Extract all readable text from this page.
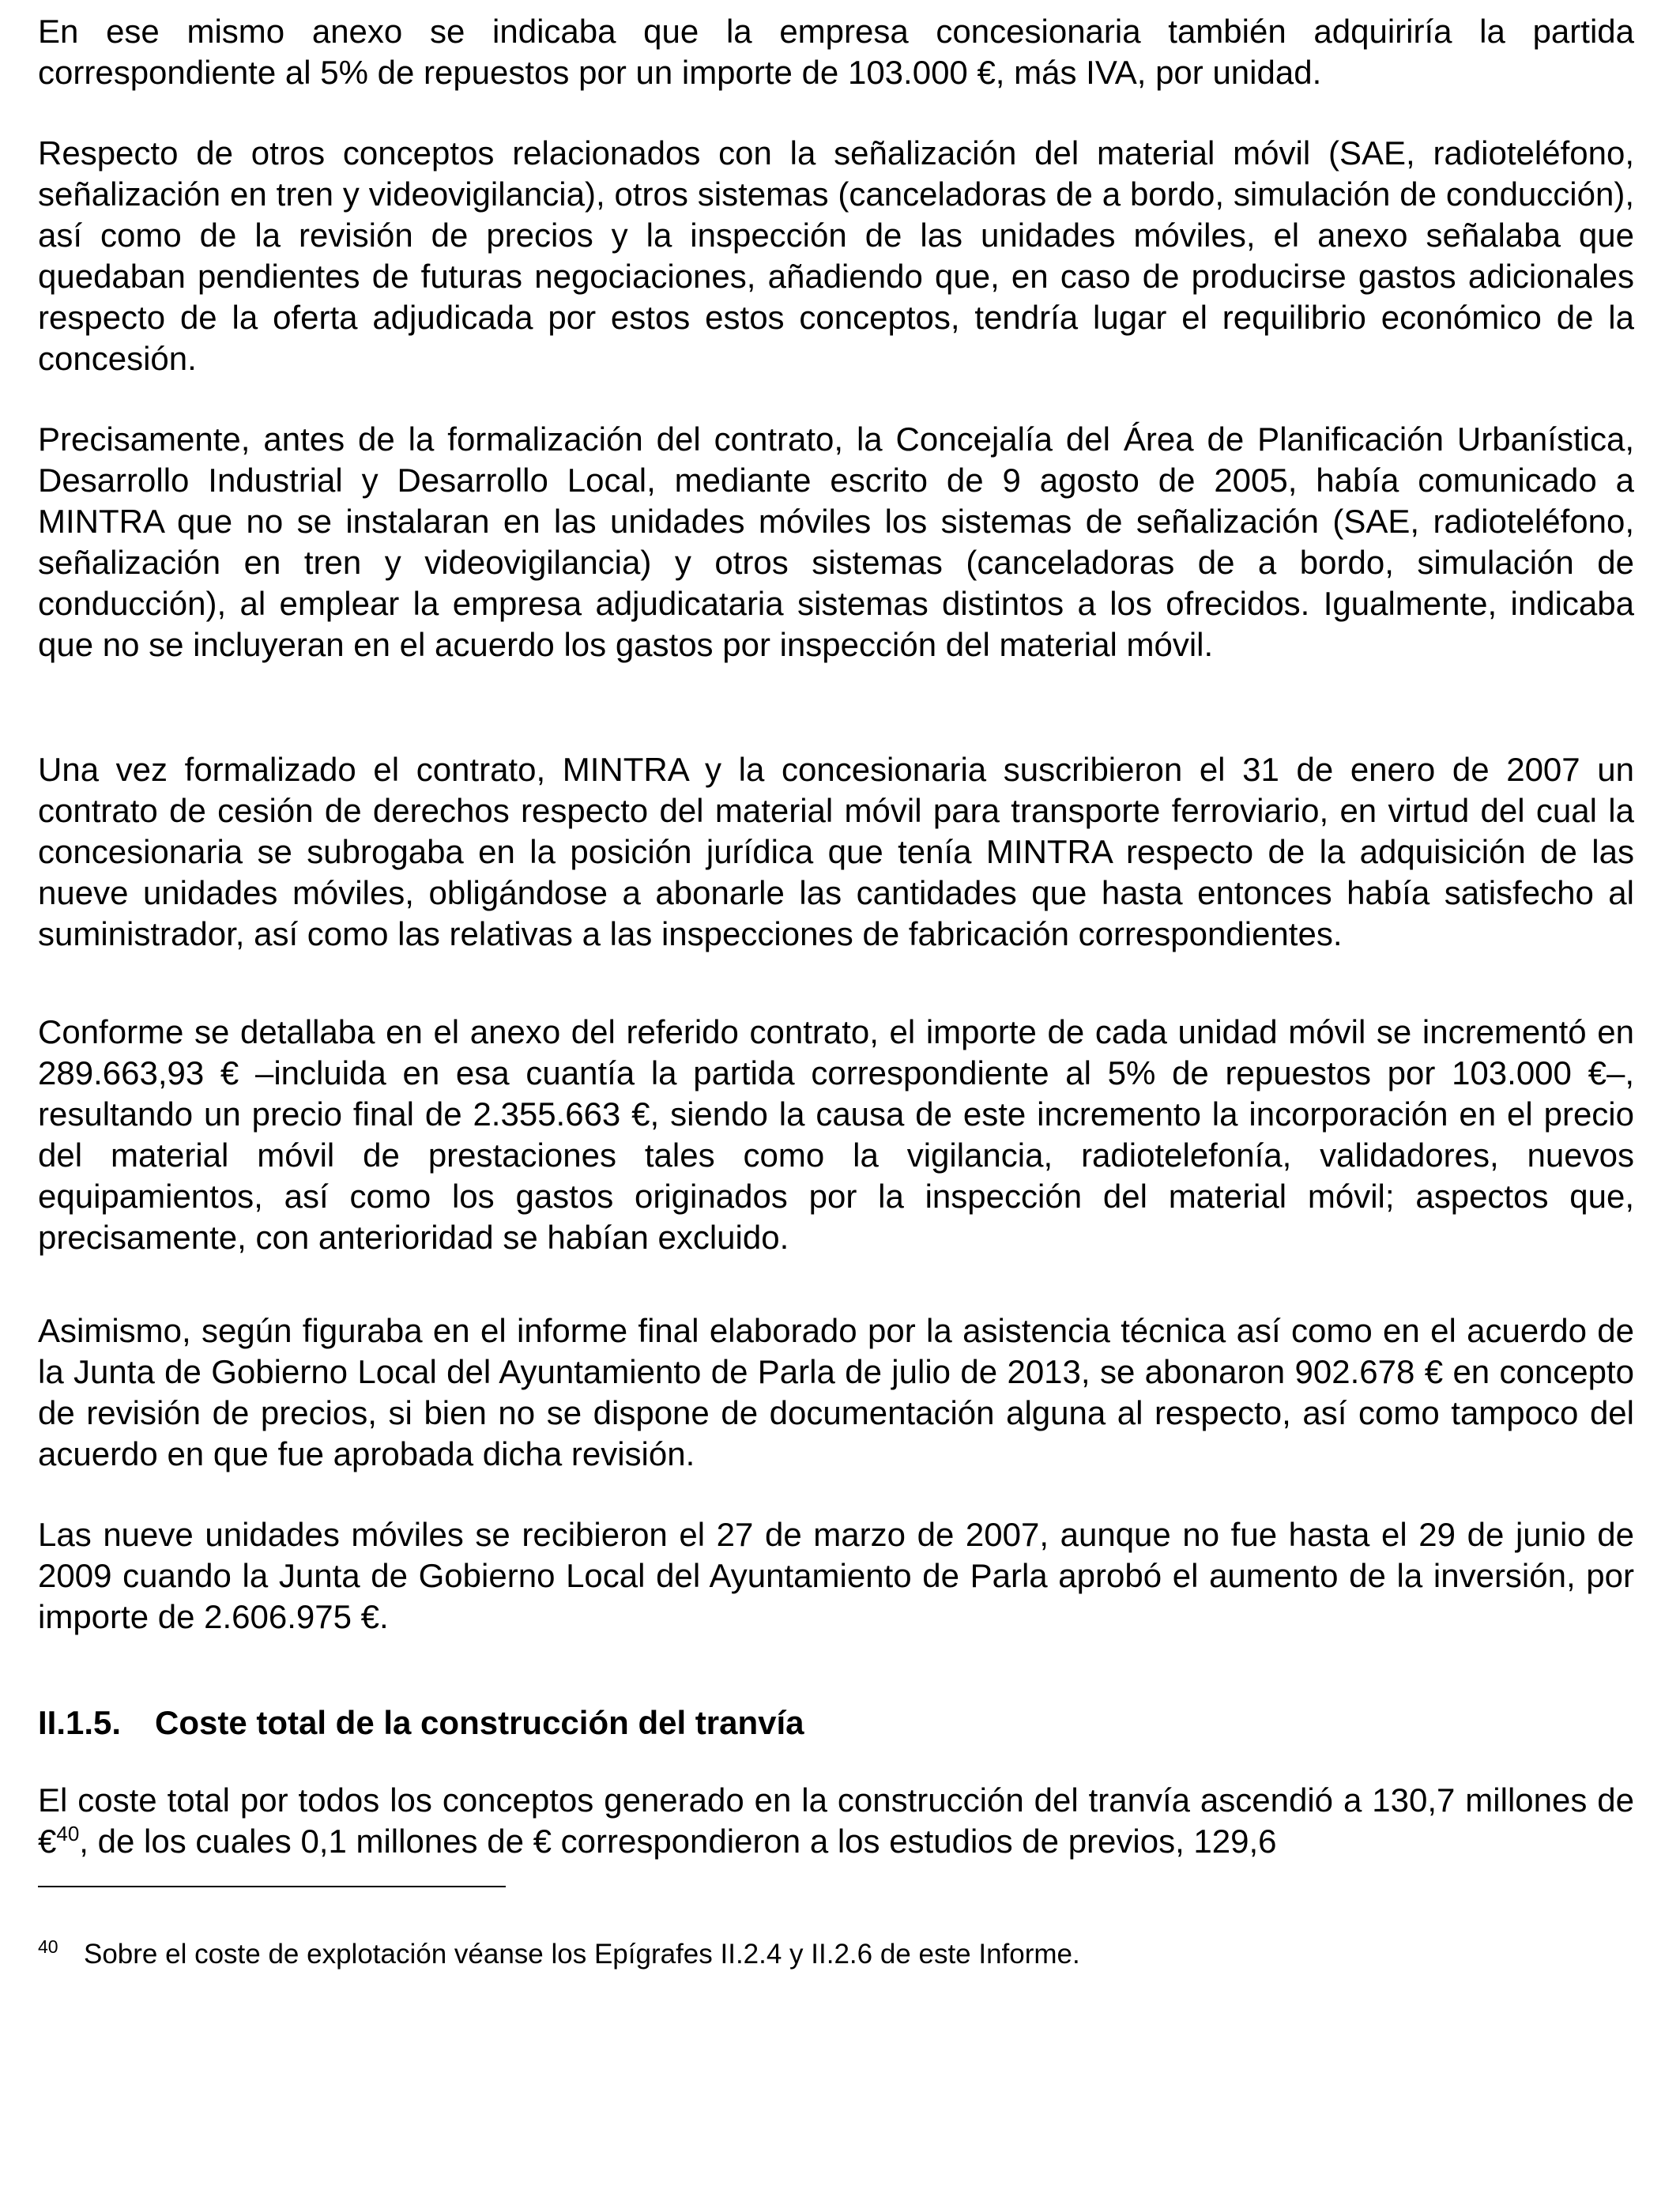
En ese mismo anexo se indicaba que la empresa concesionaria también adquiriría la partida correspondiente al 5% de repuestos por un importe de 103.000 €, más IVA, por unidad.

Respecto de otros conceptos relacionados con la señalización del material móvil (SAE, radioteléfono, señalización en tren y videovigilancia), otros sistemas (canceladoras de a bordo, simulación de conducción), así como de la revisión de precios y la inspección de las unidades móviles, el anexo señalaba que quedaban pendientes de futuras negociaciones, añadiendo que, en caso de producirse gastos adicionales respecto de la oferta adjudicada por estos estos conceptos, tendría lugar el requilibrio económico de la concesión.

Precisamente, antes de la formalización del contrato, la Concejalía del Área de Planificación Urbanística, Desarrollo Industrial y Desarrollo Local, mediante escrito de 9 agosto de 2005, había comunicado a MINTRA que no se instalaran en las unidades móviles los sistemas de señalización (SAE, radioteléfono, señalización en tren y videovigilancia) y otros sistemas (canceladoras de a bordo, simulación de conducción), al emplear la empresa adjudicataria sistemas distintos a los ofrecidos. Igualmente, indicaba que no se incluyeran en el acuerdo los gastos por inspección del material móvil.

Una vez formalizado el contrato, MINTRA y la concesionaria suscribieron el 31 de enero de 2007 un contrato de cesión de derechos respecto del material móvil para transporte ferroviario, en virtud del cual la concesionaria se subrogaba en la posición jurídica que tenía MINTRA respecto de la adquisición de las nueve unidades móviles, obligándose a abonarle las cantidades que hasta entonces había satisfecho al suministrador, así como las relativas a las inspecciones de fabricación correspondientes.

Conforme se detallaba en el anexo del referido contrato, el importe de cada unidad móvil se incrementó en 289.663,93 € –incluida en esa cuantía la partida correspondiente al 5% de repuestos por 103.000 €–, resultando un precio final de 2.355.663 €, siendo la causa de este incremento la incorporación en el precio del material móvil de prestaciones tales como la vigilancia, radiotelefonía, validadores, nuevos equipamientos, así como los gastos originados por la inspección del material móvil; aspectos que, precisamente, con anterioridad se habían excluido.

Asimismo, según figuraba en el informe final elaborado por la asistencia técnica así como en el acuerdo de la Junta de Gobierno Local del Ayuntamiento de Parla de julio de 2013, se abonaron 902.678 € en concepto de revisión de precios, si bien no se dispone de documentación alguna al respecto, así como tampoco del acuerdo en que fue aprobada dicha revisión.

Las nueve unidades móviles se recibieron el 27 de marzo de 2007, aunque no fue hasta el 29 de junio de 2009 cuando la Junta de Gobierno Local del Ayuntamiento de Parla aprobó el aumento de la inversión, por importe de 2.606.975 €.

II.1.5. Coste total de la construcción del tranvía

El coste total por todos los conceptos generado en la construcción del tranvía ascendió a 130,7 millones de €$^{40}$, de los cuales 0,1 millones de € correspondieron a los estudios de previos, 129,6

40 Sobre el coste de explotación véanse los Epígrafes II.2.4 y II.2.6 de este Informe.
